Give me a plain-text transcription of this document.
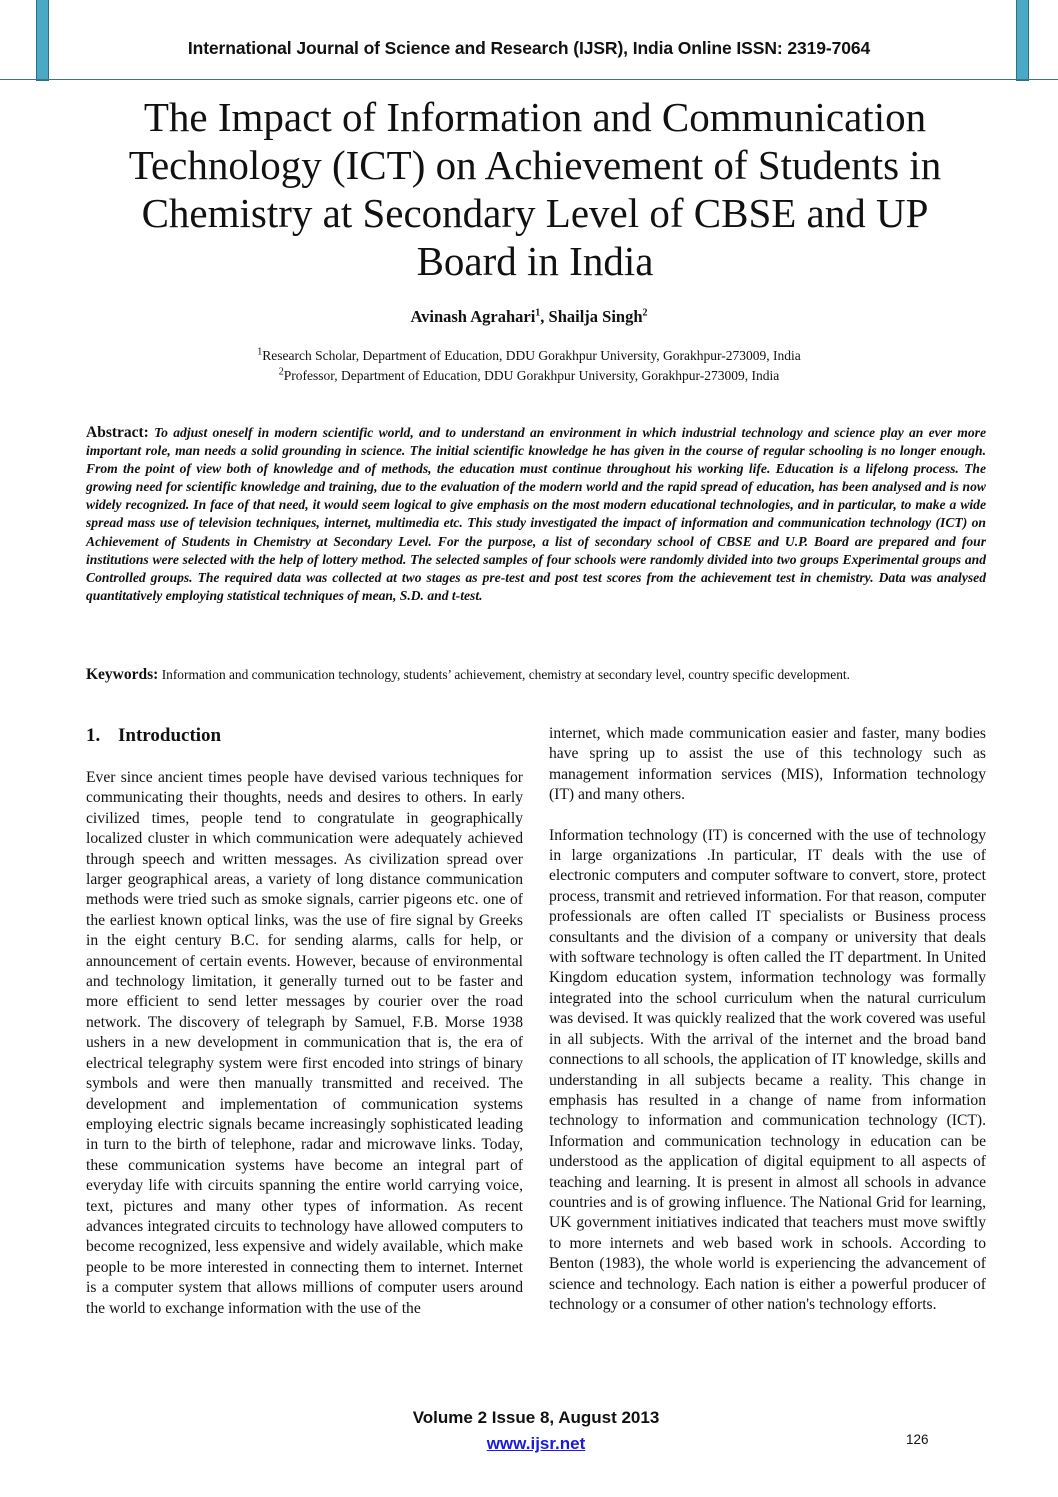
International Journal of Science and Research (IJSR), India Online ISSN: 2319-7064
The Impact of Information and Communication
Technology (ICT) on Achievement of Students in
Chemistry at Secondary Level of CBSE and UP
Board in India
Avinash Agrahari$^1$, Shailja Singh$^2$
$^1$Research Scholar, Department of Education, DDU Gorakhpur University, Gorakhpur-273009, India
$^2$Professor, Department of Education, DDU Gorakhpur University, Gorakhpur-273009, India
Abstract: To adjust oneself in modern scientific world, and to understand an environment in which industrial technology and science play an ever more important role, man needs a solid grounding in science. The initial scientific knowledge he has given in the course of regular schooling is no longer enough. From the point of view both of knowledge and of methods, the education must continue throughout his working life. Education is a lifelong process. The growing need for scientific knowledge and training, due to the evaluation of the modern world and the rapid spread of education, has been analysed and is now widely recognized. In face of that need, it would seem logical to give emphasis on the most modern educational technologies, and in particular, to make a wide spread mass use of television techniques, internet, multimedia etc. This study investigated the impact of information and communication technology (ICT) on Achievement of Students in Chemistry at Secondary Level. For the purpose, a list of secondary school of CBSE and U.P. Board are prepared and four institutions were selected with the help of lottery method. The selected samples of four schools were randomly divided into two groups Experimental groups and Controlled groups. The required data was collected at two stages as pre-test and post test scores from the achievement test in chemistry. Data was analysed quantitatively employing statistical techniques of mean, S.D. and t-test.
Keywords: Information and communication technology, students’ achievement, chemistry at secondary level, country specific development.
1. Introduction

Ever since ancient times people have devised various techniques for communicating their thoughts, needs and desires to others. In early civilized times, people tend to congratulate in geographically localized cluster in which communication were adequately achieved through speech and written messages. As civilization spread over larger geographical areas, a variety of long distance communication methods were tried such as smoke signals, carrier pigeons etc. one of the earliest known optical links, was the use of fire signal by Greeks in the eight century B.C. for sending alarms, calls for help, or announcement of certain events. However, because of environmental and technology limitation, it generally turned out to be faster and more efficient to send letter messages by courier over the road network. The discovery of telegraph by Samuel, F.B. Morse 1938 ushers in a new development in communication that is, the era of electrical telegraphy system were first encoded into strings of binary symbols and were then manually transmitted and received. The development and implementation of communication systems employing electric signals became increasingly sophisticated leading in turn to the birth of telephone, radar and microwave links. Today, these communication systems have become an integral part of everyday life with circuits spanning the entire world carrying voice, text, pictures and many other types of information. As recent advances integrated circuits to technology have allowed computers to become recognized, less expensive and widely available, which make people to be more interested in connecting them to internet. Internet is a computer system that allows millions of computer users around the world to exchange information with the use of the

internet, which made communication easier and faster, many bodies have spring up to assist the use of this technology such as management information services (MIS), Information technology (IT) and many others.

Information technology (IT) is concerned with the use of technology in large organizations .In particular, IT deals with the use of electronic computers and computer software to convert, store, protect process, transmit and retrieved information. For that reason, computer professionals are often called IT specialists or Business process consultants and the division of a company or university that deals with software technology is often called the IT department. In United Kingdom education system, information technology was formally integrated into the school curriculum when the natural curriculum was devised. It was quickly realized that the work covered was useful in all subjects. With the arrival of the internet and the broad band connections to all schools, the application of IT knowledge, skills and understanding in all subjects became a reality. This change in emphasis has resulted in a change of name from information technology to information and communication technology (ICT). Information and communication technology in education can be understood as the application of digital equipment to all aspects of teaching and learning. It is present in almost all schools in advance countries and is of growing influence. The National Grid for learning, UK government initiatives indicated that teachers must move swiftly to more internets and web based work in schools. According to Benton (1983), the whole world is experiencing the advancement of science and technology. Each nation is either a powerful producer of technology or a consumer of other nation's technology efforts.

Volume 2 Issue 8, August 2013
www.ijsr.net	126
